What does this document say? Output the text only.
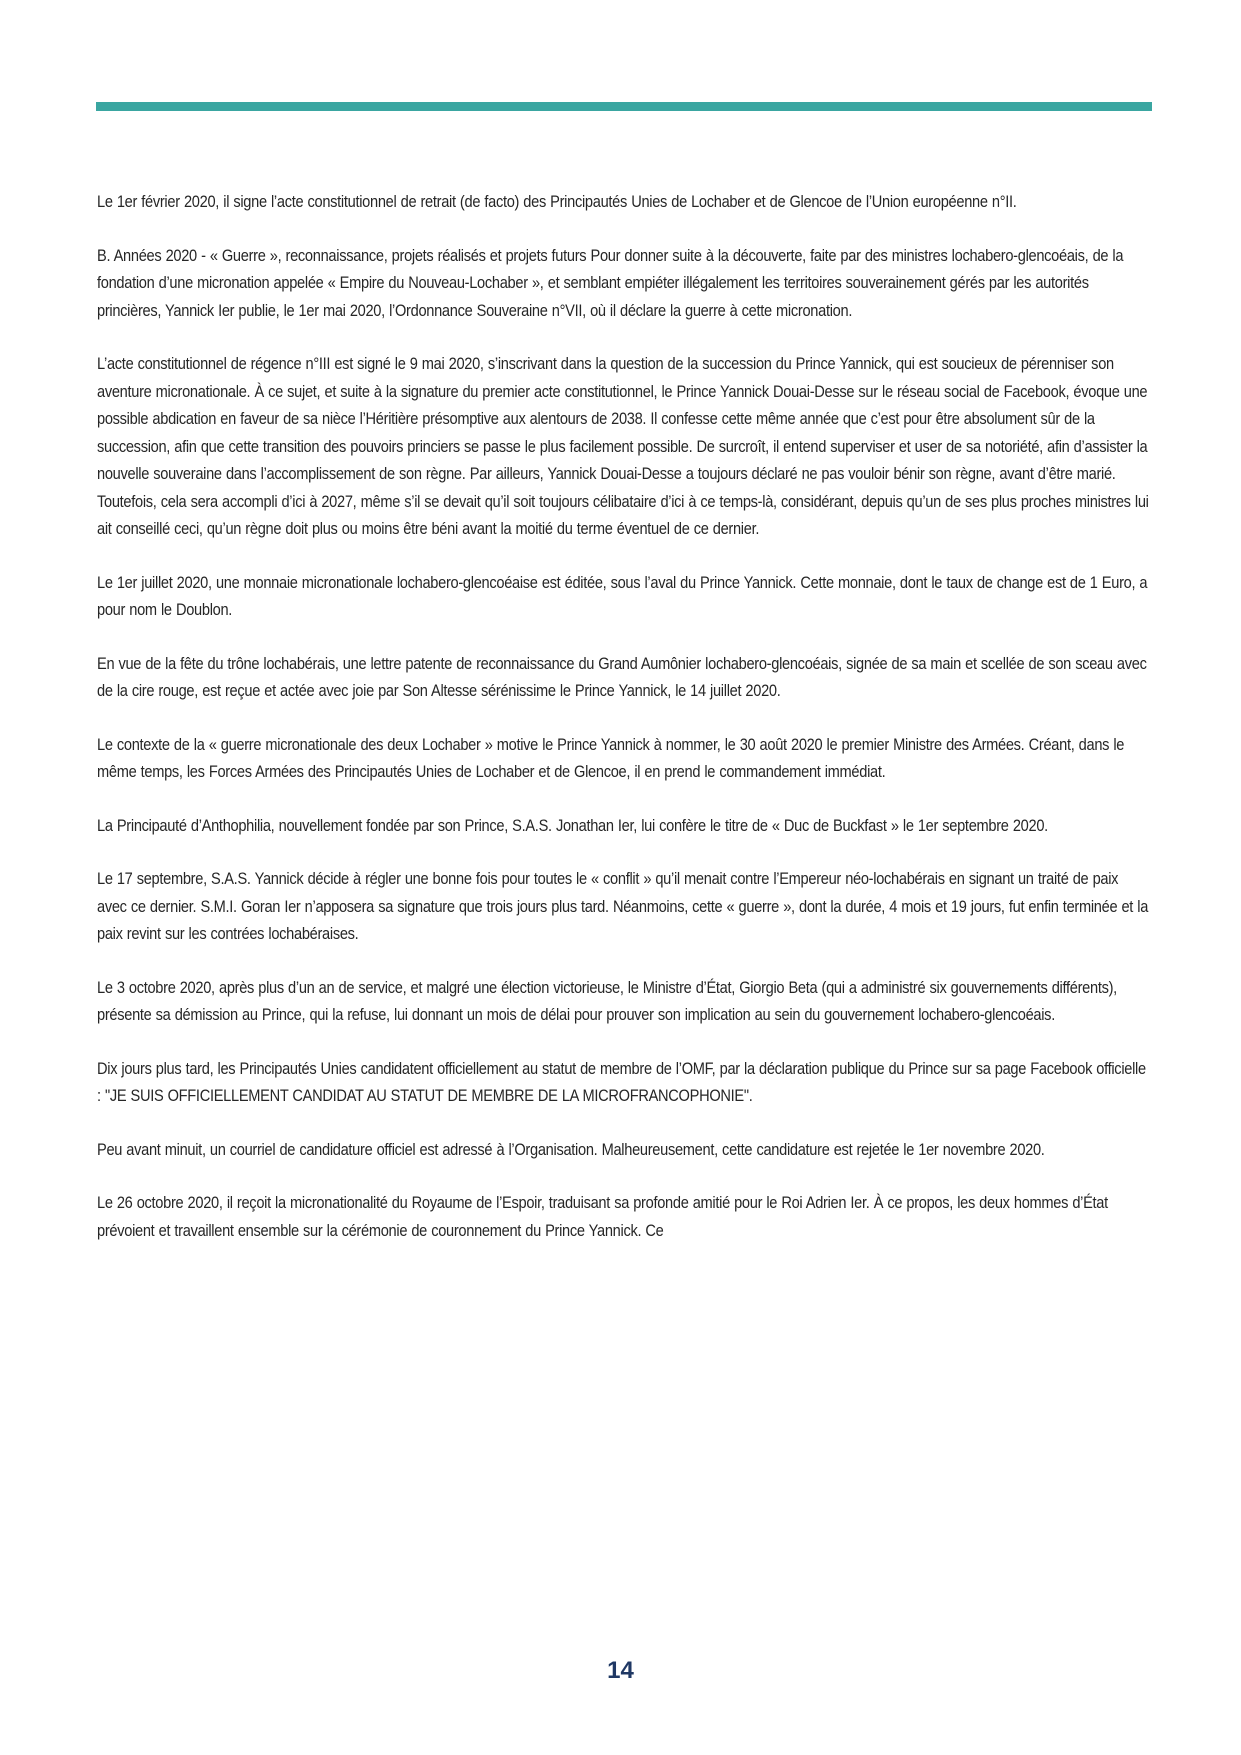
Le 1er février 2020, il signe l’acte constitutionnel de retrait (de facto) des Principautés Unies de Lochaber et de Glencoe de l’Union européenne n°II.

B. Années 2020 - « Guerre », reconnaissance, projets réalisés et projets futurs Pour donner suite à la découverte, faite par des ministres lochabero-glencoéais, de la fondation d’une micronation appelée « Empire du Nouveau-Lochaber », et semblant empiéter illégalement les territoires souverainement gérés par les autorités princières, Yannick Ier publie, le 1er mai 2020, l’Ordonnance Souveraine n°VII, où il déclare la guerre à cette micronation.

L’acte constitutionnel de régence n°III est signé le 9 mai 2020, s’inscrivant dans la question de la succession du Prince Yannick, qui est soucieux de pérenniser son aventure micronationale. À ce sujet, et suite à la signature du premier acte constitutionnel, le Prince Yannick Douai-Desse sur le réseau social de Facebook, évoque une possible abdication en faveur de sa nièce l’Héritière présomptive aux alentours de 2038. Il confesse cette même année que c’est pour être absolument sûr de la succession, afin que cette transition des pouvoirs princiers se passe le plus facilement possible. De surcroît, il entend superviser et user de sa notoriété, afin d’assister la nouvelle souveraine dans l’accomplissement de son règne. Par ailleurs, Yannick Douai-Desse a toujours déclaré ne pas vouloir bénir son règne, avant d’être marié. Toutefois, cela sera accompli d’ici à 2027, même s’il se devait qu’il soit toujours célibataire d’ici à ce temps-là, considérant, depuis qu’un de ses plus proches ministres lui ait conseillé ceci, qu’un règne doit plus ou moins être béni avant la moitié du terme éventuel de ce dernier.

Le 1er juillet 2020, une monnaie micronationale lochabero-glencoéaise est éditée, sous l’aval du Prince Yannick. Cette monnaie, dont le taux de change est de 1 Euro, a pour nom le Doublon.

En vue de la fête du trône lochabérais, une lettre patente de reconnaissance du Grand Aumônier lochabero-glencoéais, signée de sa main et scellée de son sceau avec de la cire rouge, est reçue et actée avec joie par Son Altesse sérénissime le Prince Yannick, le 14 juillet 2020.

Le contexte de la « guerre micronationale des deux Lochaber » motive le Prince Yannick à nommer, le 30 août 2020 le premier Ministre des Armées. Créant, dans le même temps, les Forces Armées des Principautés Unies de Lochaber et de Glencoe, il en prend le commandement immédiat.

La Principauté d’Anthophilia, nouvellement fondée par son Prince, S.A.S. Jonathan Ier, lui confère le titre de « Duc de Buckfast » le 1er septembre 2020.

Le 17 septembre, S.A.S. Yannick décide à régler une bonne fois pour toutes le « conflit » qu’il menait contre l’Empereur néo-lochabérais en signant un traité de paix avec ce dernier. S.M.I. Goran Ier n’apposera sa signature que trois jours plus tard. Néanmoins, cette « guerre », dont la durée, 4 mois et 19 jours, fut enfin terminée et la paix revint sur les contrées lochabéraises.

Le 3 octobre 2020, après plus d’un an de service, et malgré une élection victorieuse, le Ministre d’État, Giorgio Beta (qui a administré six gouvernements différents), présente sa démission au Prince, qui la refuse, lui donnant un mois de délai pour prouver son implication au sein du gouvernement lochabero-glencoéais.

Dix jours plus tard, les Principautés Unies candidatent officiellement au statut de membre de l’OMF, par la déclaration publique du Prince sur sa page Facebook officielle : "JE SUIS OFFICIELLEMENT CANDIDAT AU STATUT DE MEMBRE DE LA MICROFRANCOPHONIE".

Peu avant minuit, un courriel de candidature officiel est adressé à l’Organisation. Malheureusement, cette candidature est rejetée le 1er novembre 2020.

Le 26 octobre 2020, il reçoit la micronationalité du Royaume de l’Espoir, traduisant sa profonde amitié pour le Roi Adrien Ier. À ce propos, les deux hommes d’État prévoient et travaillent ensemble sur la cérémonie de couronnement du Prince Yannick. Ce

14
